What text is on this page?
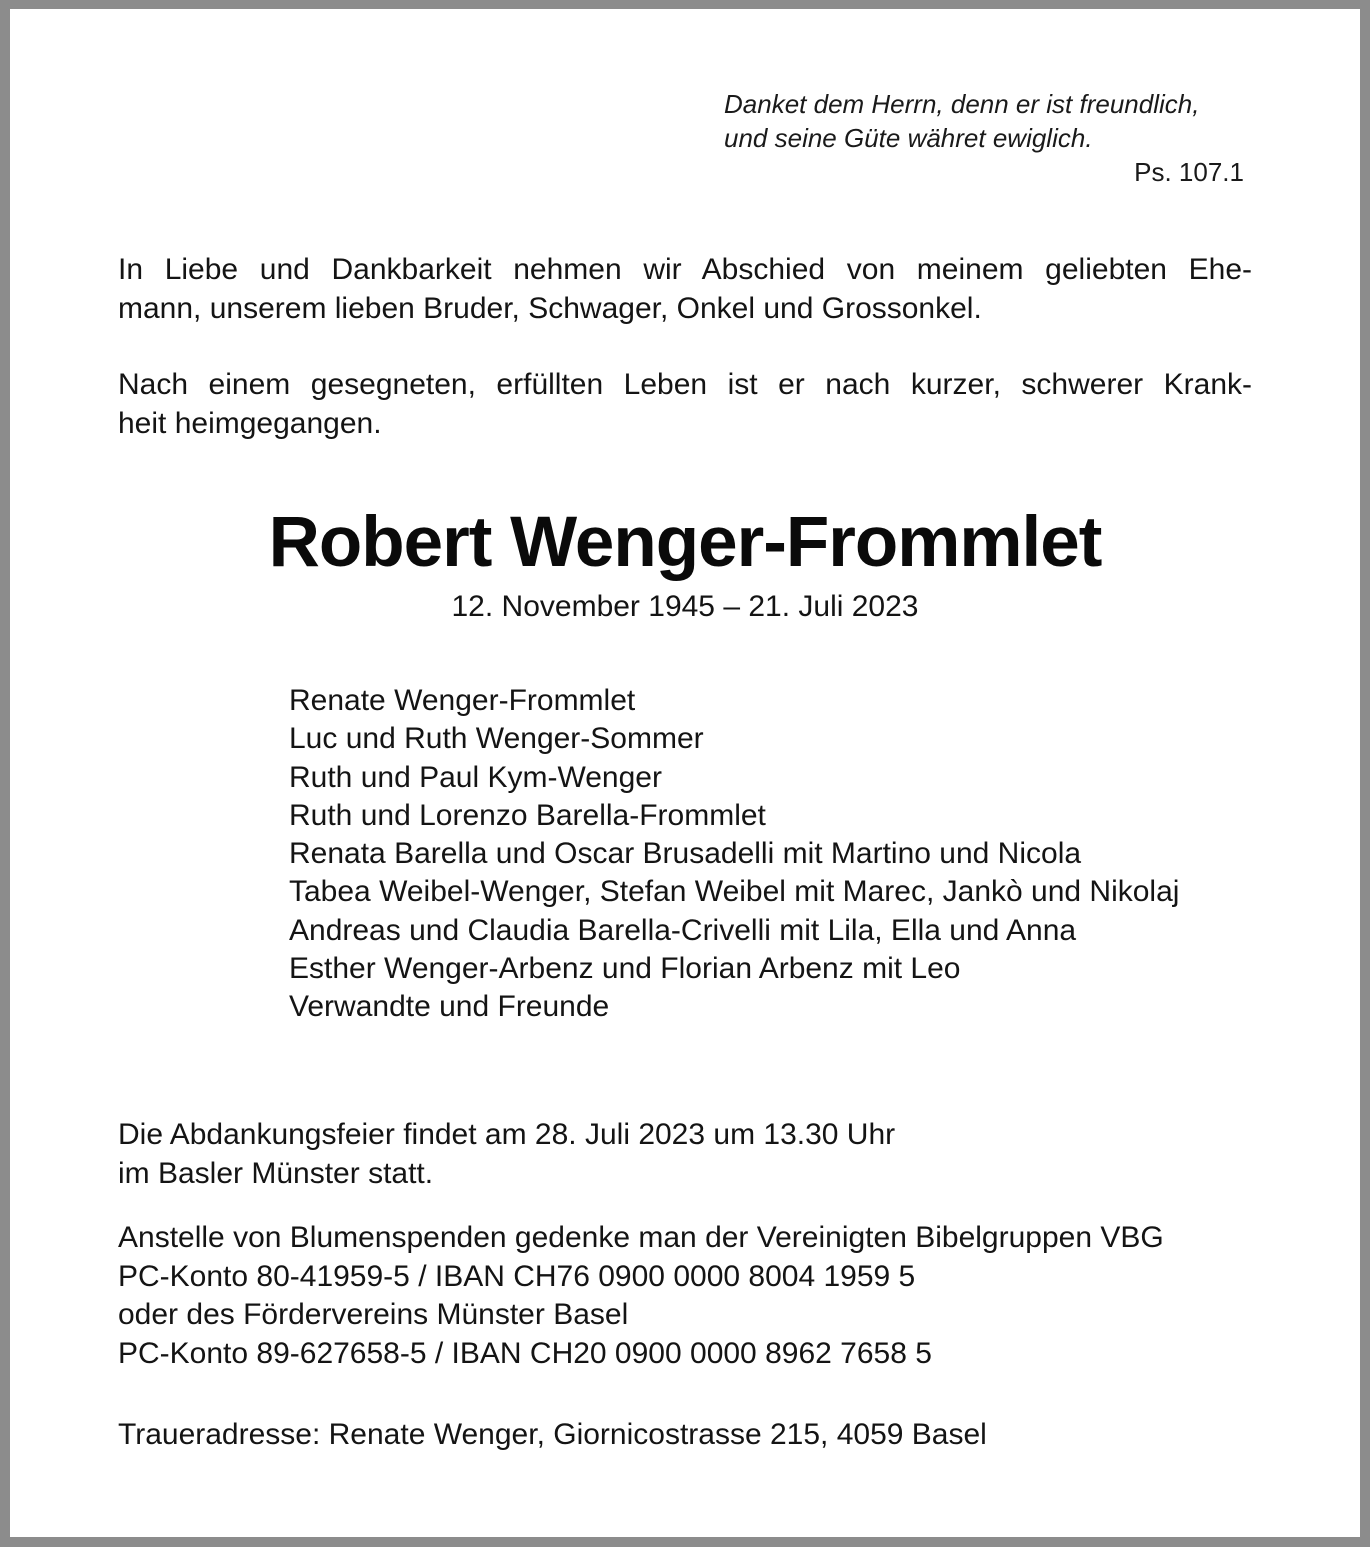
Danket dem Herrn, denn er ist freundlich,
und seine Güte währet ewiglich.
Ps. 107.1
In Liebe und Dankbarkeit nehmen wir Abschied von meinem geliebten Ehe-
mann, unserem lieben Bruder, Schwager, Onkel und Grossonkel.
Nach einem gesegneten, erfüllten Leben ist er nach kurzer, schwerer Krank-
heit heimgegangen.
Robert Wenger-Frommlet
12. November 1945 – 21. Juli 2023
Renate Wenger-Frommlet
Luc und Ruth Wenger-Sommer
Ruth und Paul Kym-Wenger
Ruth und Lorenzo Barella-Frommlet
Renata Barella und Oscar Brusadelli mit Martino und Nicola
Tabea Weibel-Wenger, Stefan Weibel mit Marec, Jankò und Nikolaj
Andreas und Claudia Barella-Crivelli mit Lila, Ella und Anna
Esther Wenger-Arbenz und Florian Arbenz mit Leo
Verwandte und Freunde
Die Abdankungsfeier findet am 28. Juli 2023 um 13.30 Uhr
im Basler Münster statt.
Anstelle von Blumenspenden gedenke man der Vereinigten Bibelgruppen VBG
PC-Konto 80-41959-5 / IBAN CH76 0900 0000 8004 1959 5
oder des Fördervereins Münster Basel
PC-Konto 89-627658-5 / IBAN CH20 0900 0000 8962 7658 5
Traueradresse: Renate Wenger, Giornicostrasse 215, 4059 Basel
